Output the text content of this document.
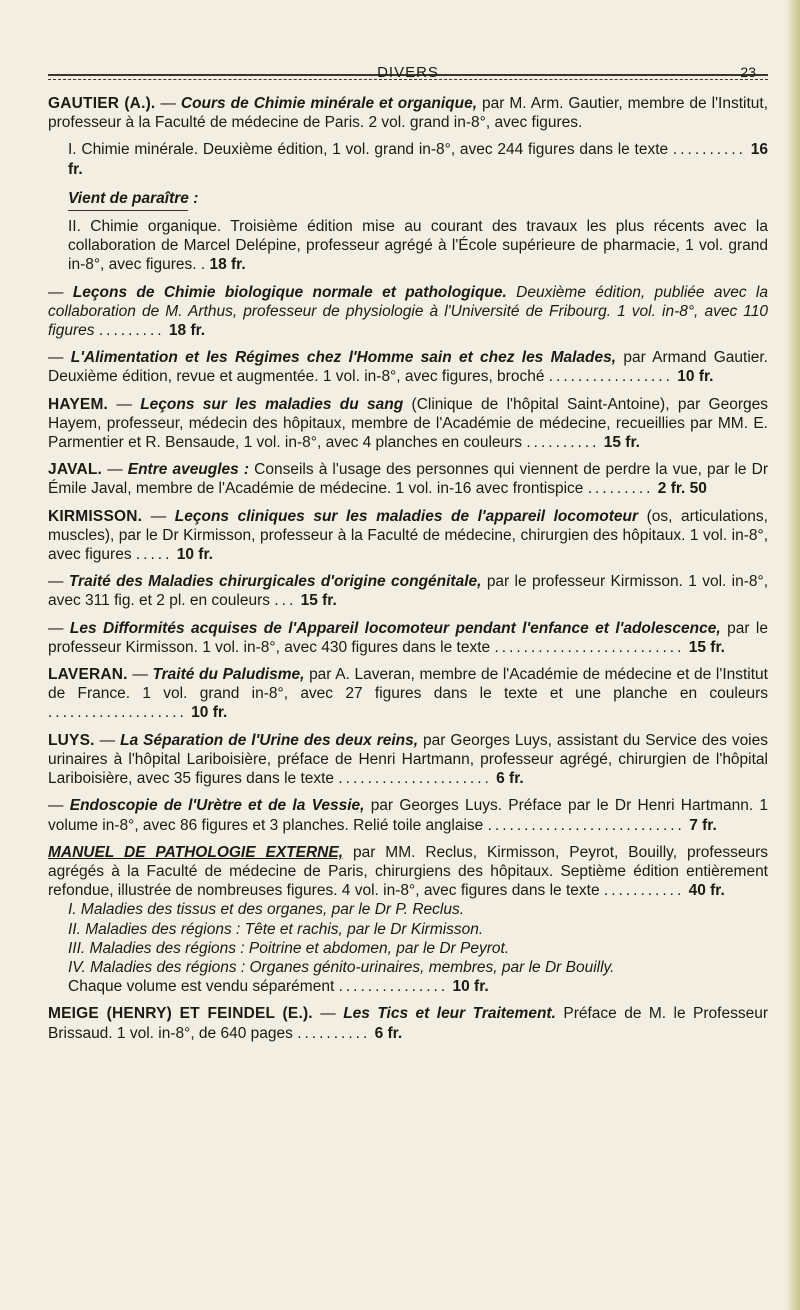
DIVERS	23

GAUTIER (A.). — Cours de Chimie minérale et organique, par M. Arm. Gautier, membre de l'Institut, professeur à la Faculté de médecine de Paris. 2 vol. grand in-8°, avec figures.

I. Chimie minérale. Deuxième édition, 1 vol. grand in-8°, avec 244 figures dans le texte .......... 16 fr.

Vient de paraître :

II. Chimie organique. Troisième édition mise au courant des travaux les plus récents avec la collaboration de Marcel Delépine, professeur agrégé à l'École supérieure de pharmacie, 1 vol. grand in-8°, avec figures. . 18 fr.

— Leçons de Chimie biologique normale et pathologique. Deuxième édition, publiée avec la collaboration de M. Arthus, professeur de physiologie à l'Université de Fribourg. 1 vol. in-8°, avec 110 figures ......... 18 fr.

— L'Alimentation et les Régimes chez l'Homme sain et chez les Malades, par Armand Gautier. Deuxième édition, revue et augmentée. 1 vol. in-8°, avec figures, broché ................. 10 fr.

HAYEM. — Leçons sur les maladies du sang (Clinique de l'hôpital Saint-Antoine), par Georges Hayem, professeur, médecin des hôpitaux, membre de l'Académie de médecine, recueillies par MM. E. Parmentier et R. Bensaude, 1 vol. in-8°, avec 4 planches en couleurs .......... 15 fr.

JAVAL. — Entre aveugles : Conseils à l'usage des personnes qui viennent de perdre la vue, par le Dr Émile Javal, membre de l'Académie de médecine. 1 vol. in-16 avec frontispice ......... 2 fr. 50

KIRMISSON. — Leçons cliniques sur les maladies de l'appareil locomoteur (os, articulations, muscles), par le Dr Kirmisson, professeur à la Faculté de médecine, chirurgien des hôpitaux. 1 vol. in-8°, avec figures ..... 10 fr.

— Traité des Maladies chirurgicales d'origine congénitale, par le professeur Kirmisson. 1 vol. in-8°, avec 311 fig. et 2 pl. en couleurs ... 15 fr.

— Les Difformités acquises de l'Appareil locomoteur pendant l'enfance et l'adolescence, par le professeur Kirmisson. 1 vol. in-8°, avec 430 figures dans le texte .......................... 15 fr.

LAVERAN. — Traité du Paludisme, par A. Laveran, membre de l'Académie de médecine et de l'Institut de France. 1 vol. grand in-8°, avec 27 figures dans le texte et une planche en couleurs ................... 10 fr.

LUYS. — La Séparation de l'Urine des deux reins, par Georges Luys, assistant du Service des voies urinaires à l'hôpital Lariboisière, préface de Henri Hartmann, professeur agrégé, chirurgien de l'hôpital Lariboisière, avec 35 figures dans le texte ..................... 6 fr.

— Endoscopie de l'Urètre et de la Vessie, par Georges Luys. Préface par le Dr Henri Hartmann. 1 volume in-8°, avec 86 figures et 3 planches. Relié toile anglaise ........................... 7 fr.

MANUEL DE PATHOLOGIE EXTERNE, par MM. Reclus, Kirmisson, Peyrot, Bouilly, professeurs agrégés à la Faculté de médecine de Paris, chirurgiens des hôpitaux. Septième édition entièrement refondue, illustrée de nombreuses figures. 4 vol. in-8°, avec figures dans le texte ........... 40 fr.
I. Maladies des tissus et des organes, par le Dr P. Reclus.
II. Maladies des régions : Tête et rachis, par le Dr Kirmisson.
III. Maladies des régions : Poitrine et abdomen, par le Dr Peyrot.
IV. Maladies des régions : Organes génito-urinaires, membres, par le Dr Bouilly.
Chaque volume est vendu séparément ............... 10 fr.

MEIGE (HENRY) ET FEINDEL (E.). — Les Tics et leur Traitement. Préface de M. le Professeur Brissaud. 1 vol. in-8°, de 640 pages .......... 6 fr.
